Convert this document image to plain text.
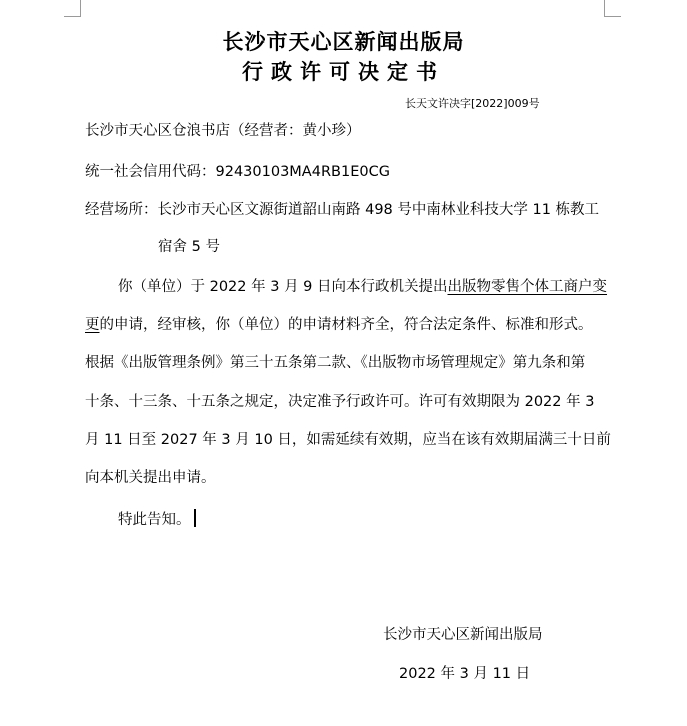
长沙市天心区新闻出版局
行政许可决定书
长天文许决字[2022]009号
长沙市天心区仓浪书店（经营者：黄小珍）
统一社会信用代码：92430103MA4RB1E0CG
经营场所：长沙市天心区文源街道韶山南路 498 号中南林业科技大学 11 栋教工
宿舍 5 号
你（单位）于 2022 年 3 月 9 日向本行政机关提出出版物零售个体工商户变
更的申请，经审核，你（单位）的申请材料齐全，符合法定条件、标准和形式。
根据《出版管理条例》第三十五条第二款、《出版物市场管理规定》第九条和第
十条、十三条、十五条之规定，决定准予行政许可。许可有效期限为 2022 年 3
月 11 日至 2027 年 3 月 10 日，如需延续有效期，应当在该有效期届满三十日前
向本机关提出申请。
特此告知。
长沙市天心区新闻出版局
2022 年 3 月 11 日
